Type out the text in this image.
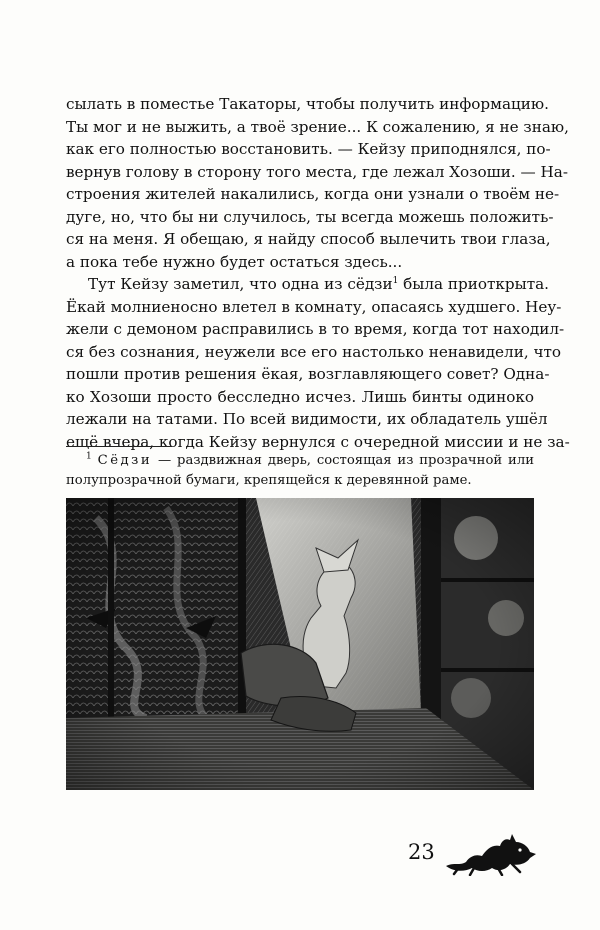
сылать в поместье Такаторы, чтобы получить информацию.
Ты мог и не выжить, а твоё зрение... К сожалению, я не знаю,
как его полностью восстановить. — Кейзу приподнялся, по-
вернув голову в сторону того места, где лежал Хозоши. — На-
строения жителей накалились, когда они узнали о твоём не-
дуге, но, что бы ни случилось, ты всегда можешь положить-
ся на меня. Я обещаю, я найду способ вылечить твои глаза,
а пока тебе нужно будет остаться здесь...
Тут Кейзу заметил, что одна из сёдзи$^1$ была приоткрыта.
Ёкай молниеносно влетел в комнату, опасаясь худшего. Неу-
жели с демоном расправились в то время, когда тот находил-
ся без сознания, неужели все его настолько ненавидели, что
пошли против решения ёкая, возглавляющего совет? Одна-
ко Хозоши просто бесследно исчез. Лишь бинты одиноко
лежали на татами. По всей видимости, их обладатель ушёл
ещё вчера, когда Кейзу вернулся с очередной миссии и не за-
$^1$ Сёдзи — раздвижная дверь, состоящая из прозрачной или
полупрозрачной бумаги, крепящейся к деревянной раме.
23
